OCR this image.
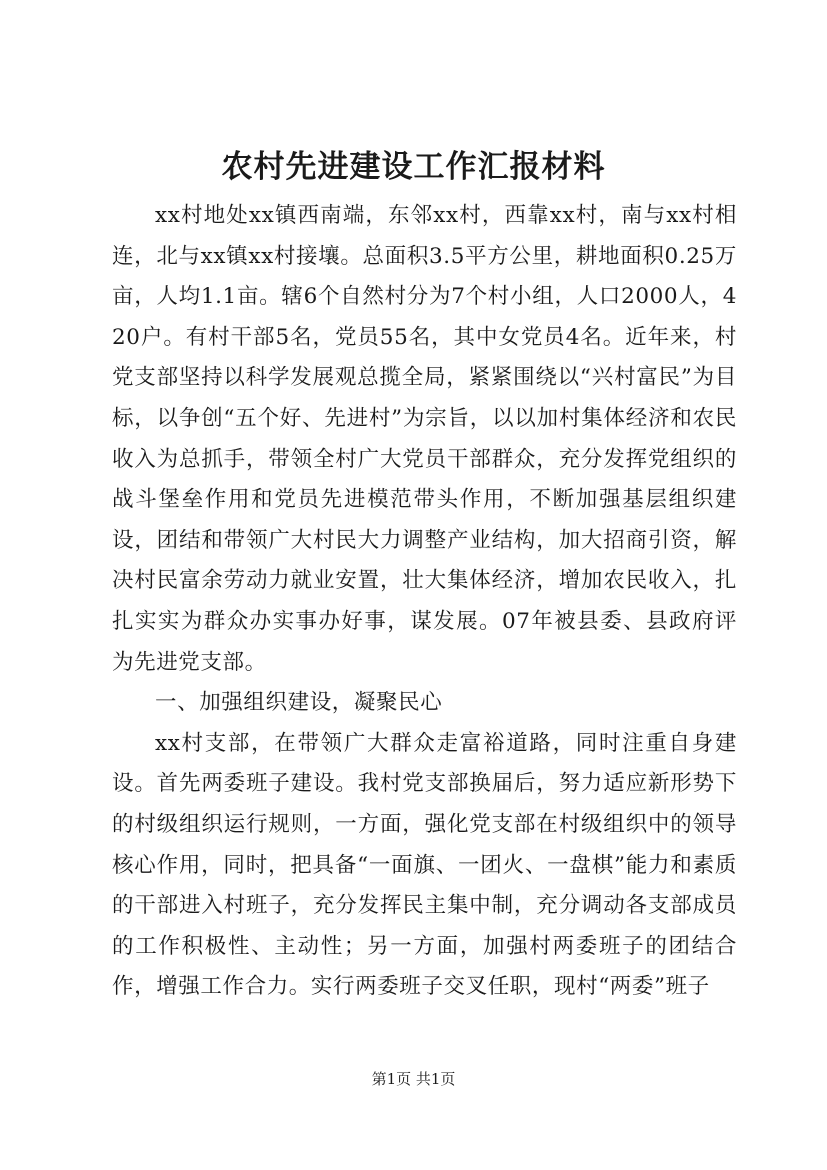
农村先进建设工作汇报材料

xx村地处xx镇西南端，东邻xx村，西靠xx村，南与xx村相连，北与xx镇xx村接壤。总面积3.5平方公里，耕地面积0.25万亩，人均1.1亩。辖6个自然村分为7个村小组，人口2000人，420户。有村干部5名，党员55名，其中女党员4名。近年来，村党支部坚持以科学发展观总揽全局，紧紧围绕以“兴村富民”为目标，以争创“五个好、先进村”为宗旨，以以加村集体经济和农民收入为总抓手，带领全村广大党员干部群众，充分发挥党组织的战斗堡垒作用和党员先进模范带头作用，不断加强基层组织建设，团结和带领广大村民大力调整产业结构，加大招商引资，解决村民富余劳动力就业安置，壮大集体经济，增加农民收入，扎扎实实为群众办实事办好事，谋发展。07年被县委、县政府评为先进党支部。

一、加强组织建设，凝聚民心

xx村支部，在带领广大群众走富裕道路，同时注重自身建设。首先两委班子建设。我村党支部换届后，努力适应新形势下的村级组织运行规则，一方面，强化党支部在村级组织中的领导核心作用，同时，把具备“一面旗、一团火、一盘棋”能力和素质的干部进入村班子，充分发挥民主集中制，充分调动各支部成员的工作积极性、主动性；另一方面，加强村两委班子的团结合作，增强工作合力。实行两委班子交叉任职，现村“两委”班子

第1页 共1页
